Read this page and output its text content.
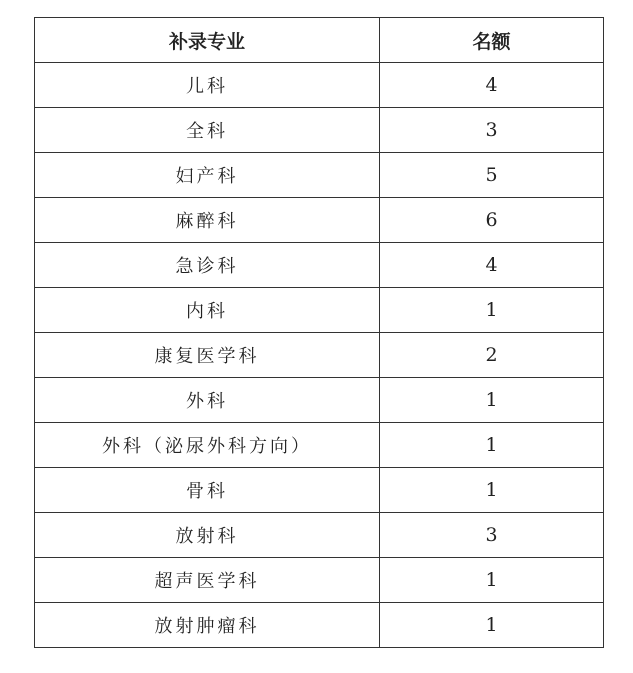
补录专业	名额
儿科	4
全科	3
妇产科	5
麻醉科	6
急诊科	4
内科	1
康复医学科	2
外科	1
外科（泌尿外科方向）	1
骨科	1
放射科	3
超声医学科	1
放射肿瘤科	1
